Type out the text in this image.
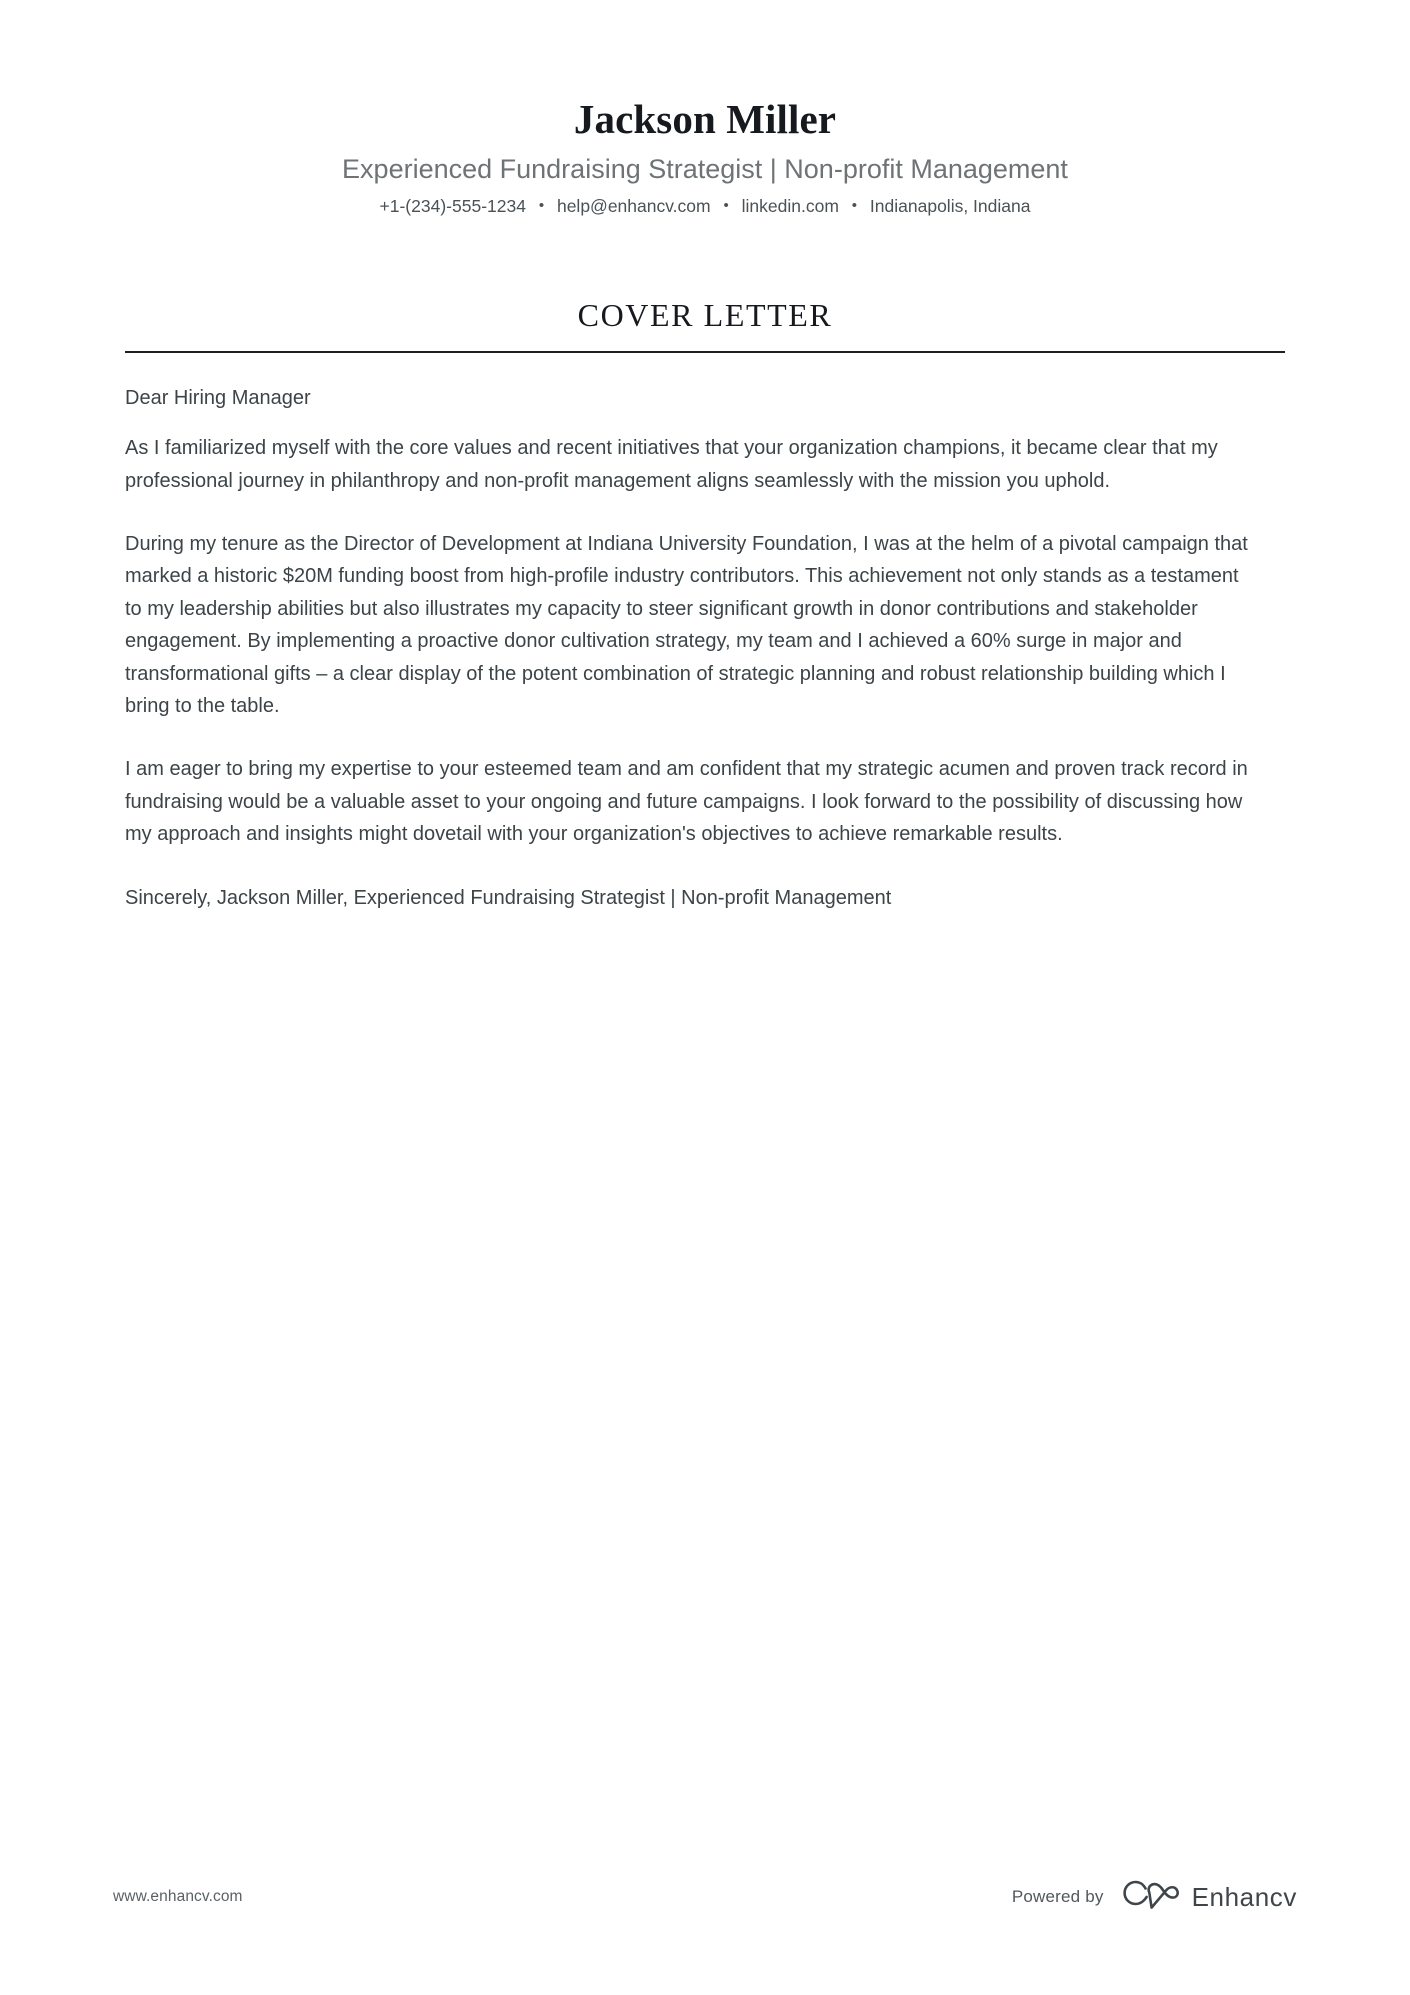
Jackson Miller
Experienced Fundraising Strategist | Non-profit Management
+1-(234)-555-1234 • help@enhancv.com • linkedin.com • Indianapolis, Indiana
COVER LETTER

Dear Hiring Manager

As I familiarized myself with the core values and recent initiatives that your organization champions, it became clear that my professional journey in philanthropy and non-profit management aligns seamlessly with the mission you uphold.

During my tenure as the Director of Development at Indiana University Foundation, I was at the helm of a pivotal campaign that marked a historic $20M funding boost from high-profile industry contributors. This achievement not only stands as a testament to my leadership abilities but also illustrates my capacity to steer significant growth in donor contributions and stakeholder engagement. By implementing a proactive donor cultivation strategy, my team and I achieved a 60% surge in major and transformational gifts – a clear display of the potent combination of strategic planning and robust relationship building which I bring to the table.

I am eager to bring my expertise to your esteemed team and am confident that my strategic acumen and proven track record in fundraising would be a valuable asset to your ongoing and future campaigns. I look forward to the possibility of discussing how my approach and insights might dovetail with your organization's objectives to achieve remarkable results.

Sincerely, Jackson Miller, Experienced Fundraising Strategist | Non-profit Management

www.enhancv.com	Powered by	Enhancv
